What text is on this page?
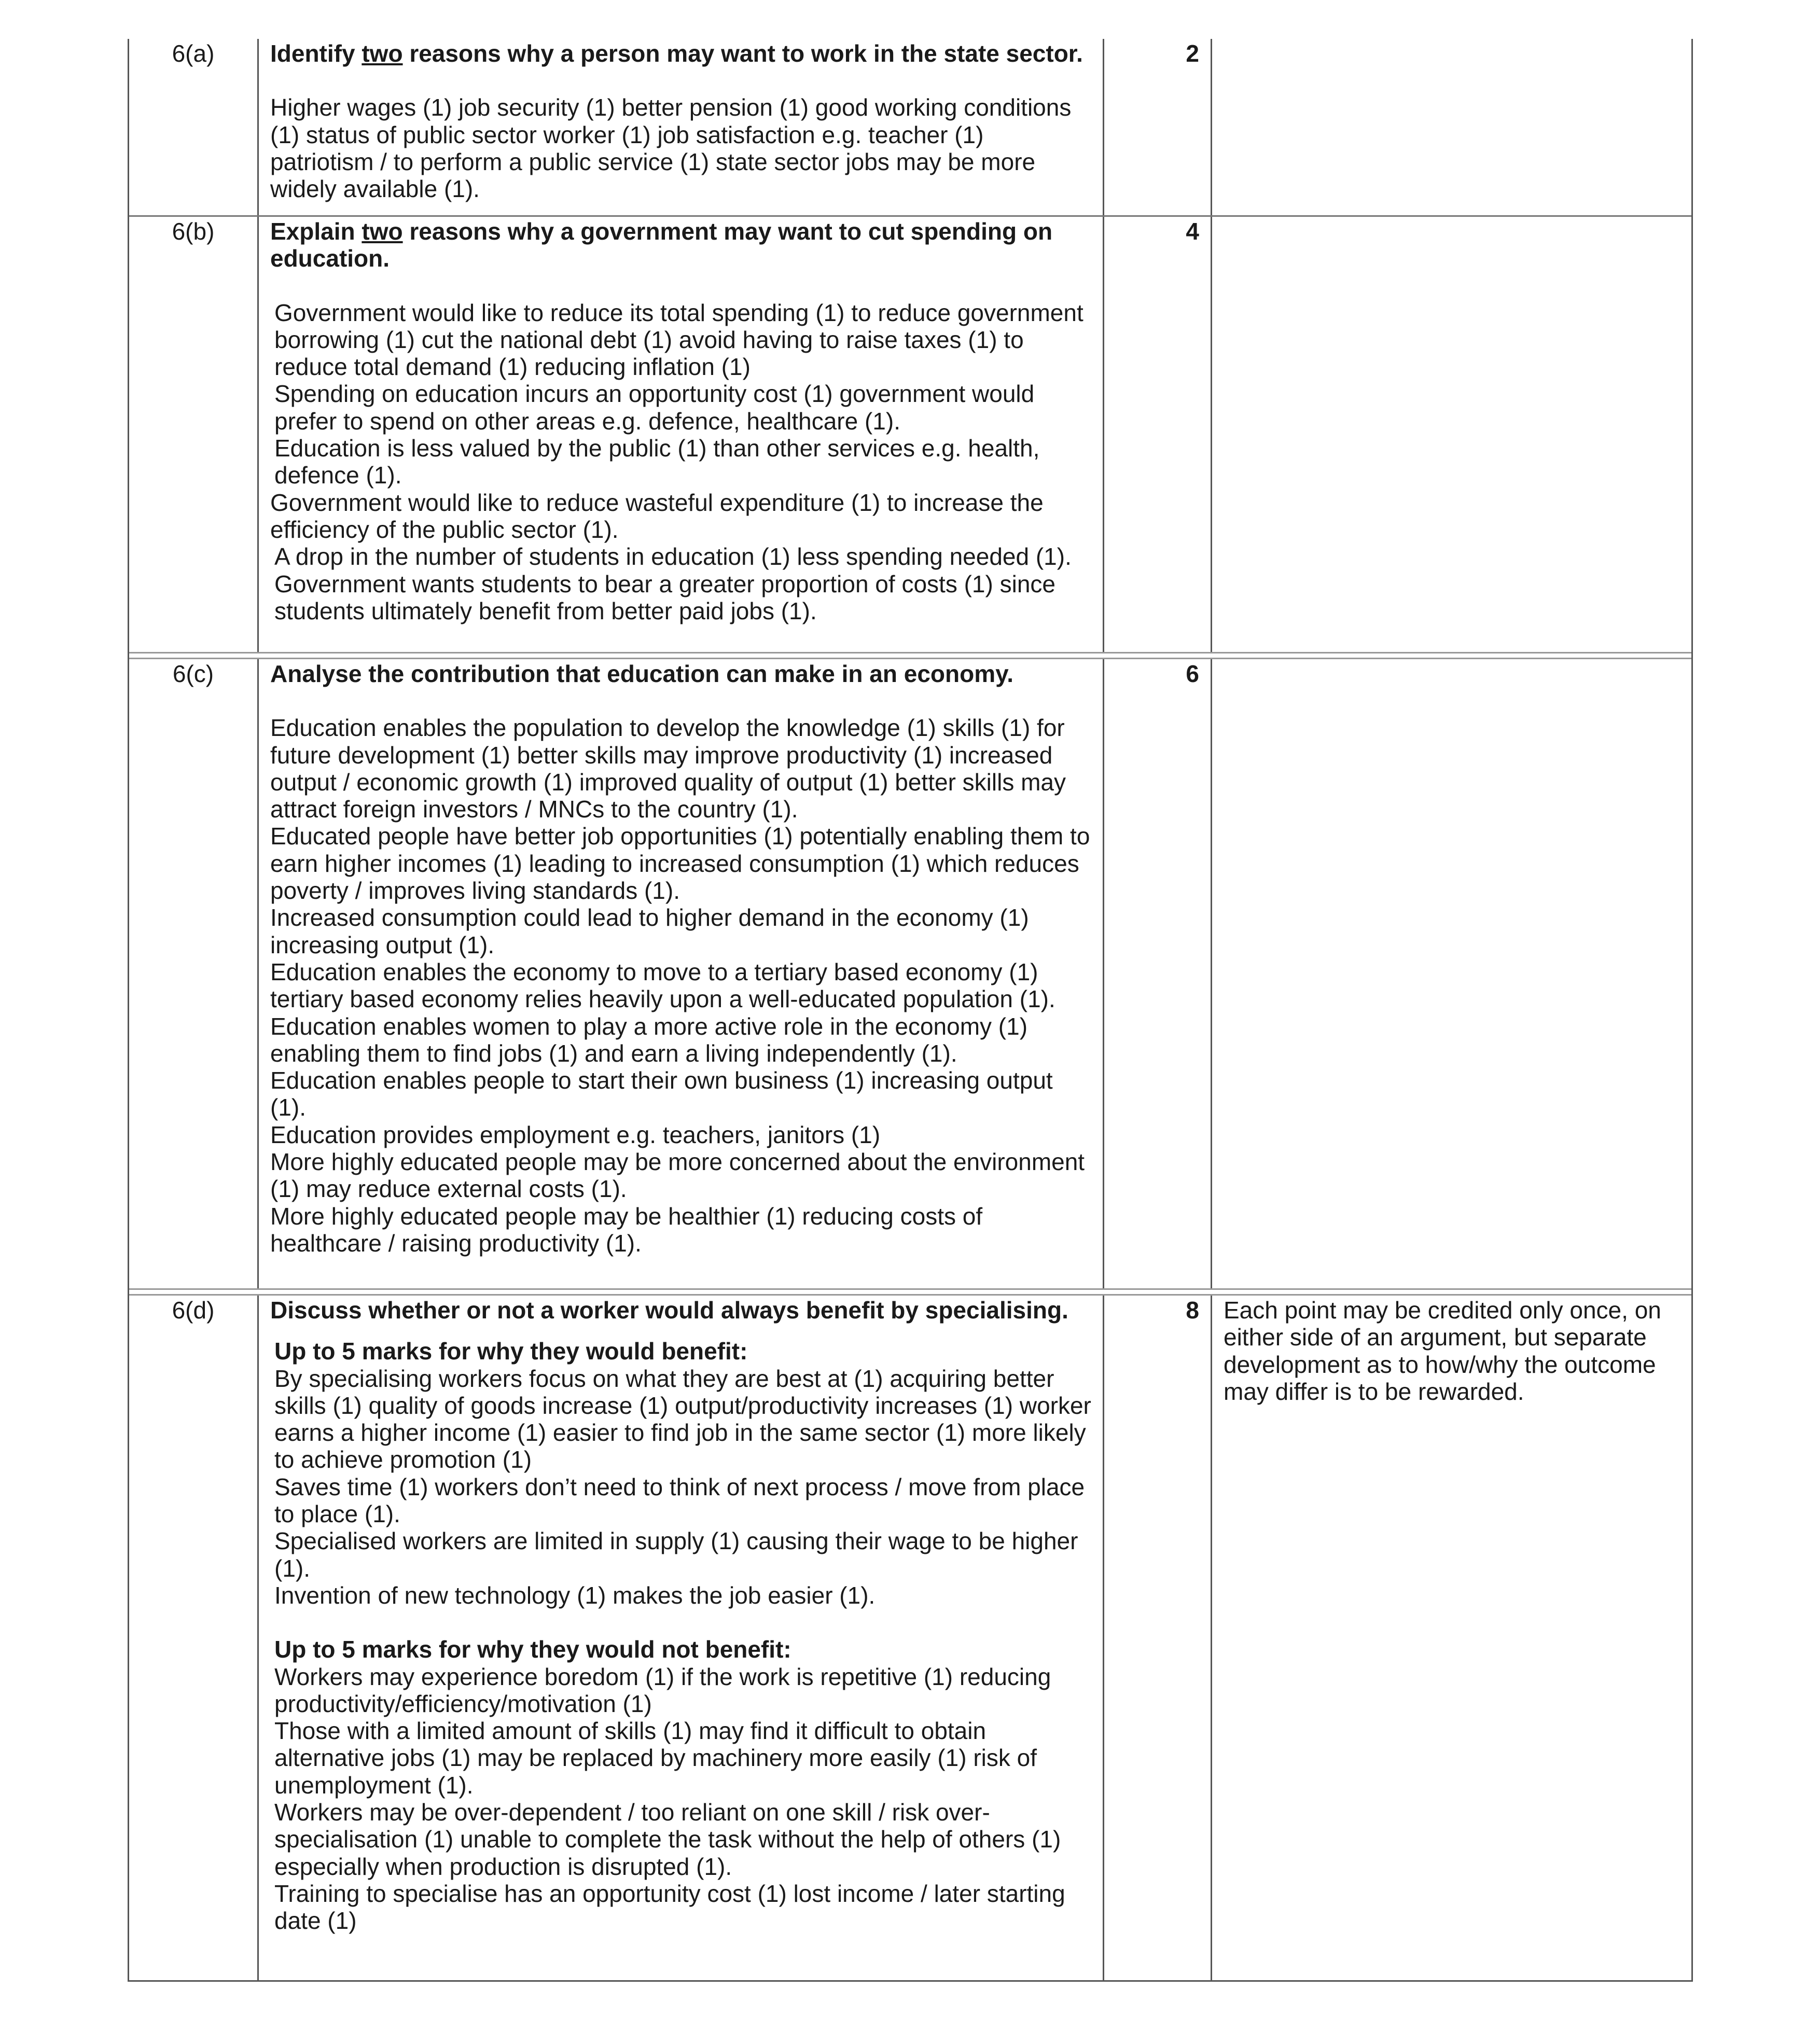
6(a)	Identify two reasons why a person may want to work in the state sector.
Higher wages (1) job security (1) better pension (1) good working conditions
(1) status of public sector worker (1) job satisfaction e.g. teacher (1)
patriotism / to perform a public service (1) state sector jobs may be more
widely available (1).
2
6(b)	Explain two reasons why a government may want to cut spending on education.
Government would like to reduce its total spending (1) to reduce government
borrowing (1) cut the national debt (1) avoid having to raise taxes (1) to
reduce total demand (1) reducing inflation (1)
Spending on education incurs an opportunity cost (1) government would
prefer to spend on other areas e.g. defence, healthcare (1).
Education is less valued by the public (1) than other services e.g. health,
defence (1).
Government would like to reduce wasteful expenditure (1) to increase the
efficiency of the public sector (1).
A drop in the number of students in education (1) less spending needed (1).
Government wants students to bear a greater proportion of costs (1) since
students ultimately benefit from better paid jobs (1).
4
6(c)	Analyse the contribution that education can make in an economy.
Education enables the population to develop the knowledge (1) skills (1) for
future development (1) better skills may improve productivity (1) increased
output / economic growth (1) improved quality of output (1) better skills may
attract foreign investors / MNCs to the country (1).
Educated people have better job opportunities (1) potentially enabling them to
earn higher incomes (1) leading to increased consumption (1) which reduces
poverty / improves living standards (1).
Increased consumption could lead to higher demand in the economy (1)
increasing output (1).
Education enables the economy to move to a tertiary based economy (1)
tertiary based economy relies heavily upon a well-educated population (1).
Education enables women to play a more active role in the economy (1)
enabling them to find jobs (1) and earn a living independently (1).
Education enables people to start their own business (1) increasing output
(1).
Education provides employment e.g. teachers, janitors (1)
More highly educated people may be more concerned about the environment
(1) may reduce external costs (1).
More highly educated people may be healthier (1) reducing costs of
healthcare / raising productivity (1).
6
6(d)	Discuss whether or not a worker would always benefit by specialising.
Up to 5 marks for why they would benefit:
By specialising workers focus on what they are best at (1) acquiring better
skills (1) quality of goods increase (1) output/productivity increases (1) worker
earns a higher income (1) easier to find job in the same sector (1) more likely
to achieve promotion (1)
Saves time (1) workers don’t need to think of next process / move from place
to place (1).
Specialised workers are limited in supply (1) causing their wage to be higher
(1).
Invention of new technology (1) makes the job easier (1).
Up to 5 marks for why they would not benefit:
Workers may experience boredom (1) if the work is repetitive (1) reducing
productivity/efficiency/motivation (1)
Those with a limited amount of skills (1) may find it difficult to obtain
alternative jobs (1) may be replaced by machinery more easily (1) risk of
unemployment (1).
Workers may be over-dependent / too reliant on one skill / risk over-
specialisation (1) unable to complete the task without the help of others (1)
especially when production is disrupted (1).
Training to specialise has an opportunity cost (1) lost income / later starting
date (1)
8	Each point may be credited only once, on
either side of an argument, but separate
development as to how/why the outcome
may differ is to be rewarded.
